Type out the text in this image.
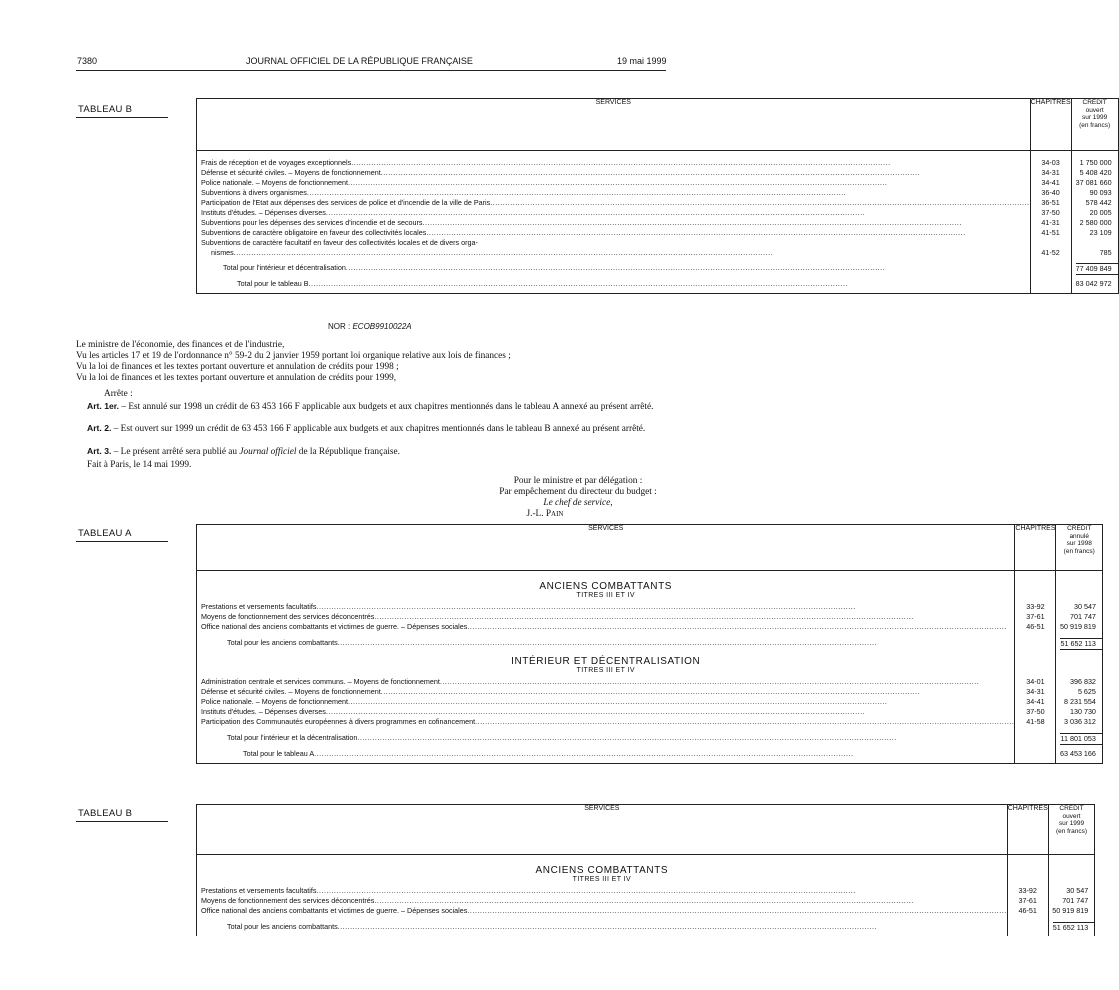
7380	JOURNAL OFFICIEL DE LA RÉPUBLIQUE FRANÇAISE	19 mai 1999
TABLEAU B
SERVICES	CHAPITRES	CRÉDIT
ouvert
sur 1999
(en francs)

Frais de réception et de voyages exceptionnels
.....	34-03	1 750 000

Défense et sécurité civiles. – Moyens de fonctionnement
.....	34-31	5 408 420

Police nationale. – Moyens de fonctionnement
.....	34-41	37 081 660

Subventions à divers organismes
.....	36-40	90 093

Participation de l'Etat aux dépenses des services de police et d'incendie de la ville de Paris
.....	36-51	578 442

Instituts d'études. – Dépenses diverses
.....	37-50	20 005

Subventions pour les dépenses des services d'incendie et de secours
.....	41-31	2 580 000

Subventions de caractère obligatoire en faveur des collectivités locales
.....	41-51	23 109

Subventions de caractère facultatif en faveur des collectivités locales et de divers orga-
nismes
.....	41-52	785

Total pour l'intérieur et décentralisation
.....		77 409 849

Total pour le tableau B
.....		83 042 972
NOR : ECOB9910022A
Le ministre de l'économie, des finances et de l'industrie,
Vu les articles 17 et 19 de l'ordonnance n° 59-2 du 2 janvier 1959 portant loi organique relative aux lois de finances ;
Vu la loi de finances et les textes portant ouverture et annulation de crédits pour 1998 ;
Vu la loi de finances et les textes portant ouverture et annulation de crédits pour 1999,
Arrête :
Art. 1er. – Est annulé sur 1998 un crédit de 63 453 166 F applicable aux budgets et aux chapitres mentionnés dans le tableau A annexé au présent arrêté.
Art. 2. – Est ouvert sur 1999 un crédit de 63 453 166 F applicable aux budgets et aux chapitres mentionnés dans le tableau B annexé au présent arrêté.
Art. 3. – Le présent arrêté sera publié au Journal officiel de la République française.
Fait à Paris, le 14 mai 1999.
Pour le ministre et par délégation :
Par empêchement du directeur du budget :
Le chef de service,
J.-L. Pain
TABLEAU A	SERVICES	CHAPITRES	CRÉDIT
annulé
sur 1998
(en francs)

ANCIENS COMBATTANTS
TITRES III ET IV		

Prestations et versements facultatifs
.....	33-92	30 547

Moyens de fonctionnement des services déconcentrés
.....	37-61	701 747

Office national des anciens combattants et victimes de guerre. – Dépenses sociales
.....	46-51	50 919 819

Total pour les anciens combattants
.....		51 652 113

INTÉRIEUR ET DÉCENTRALISATION
TITRES III ET IV		

Administration centrale et services communs. – Moyens de fonctionnement
.....	34-01	396 832

Défense et sécurité civiles. – Moyens de fonctionnement
.....	34-31	5 625

Police nationale. – Moyens de fonctionnement
.....	34-41	8 231 554

Instituts d'études. – Dépenses diverses
.....	37-50	130 730

Participation des Communautés européennes à divers programmes en cofinancement
.....	41-58	3 036 312

Total pour l'intérieur et la décentralisation
.....		11 801 053

Total pour le tableau A
.....		63 453 166
TABLEAU B	SERVICES	CHAPITRES	CRÉDIT
ouvert
sur 1999
(en francs)

ANCIENS COMBATTANTS
TITRES III ET IV		

Prestations et versements facultatifs
.....	33-92	30 547

Moyens de fonctionnement des services déconcentrés
.....	37-61	701 747

Office national des anciens combattants et victimes de guerre. – Dépenses sociales
.....	46-51	50 919 819

Total pour les anciens combattants
.....		51 652 113
